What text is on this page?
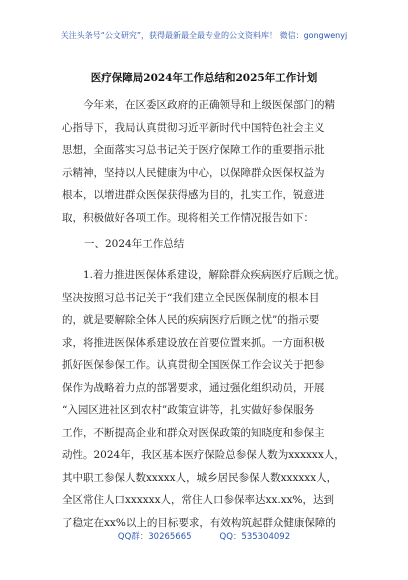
关注头条号“公文研究”，获得最新最全最专业的公文资料库！ 微信：gongwenyj
医疗保障局2024年工作总结和2025年工作计划
今年来，在区委区政府的正确领导和上级医保部门的精
心指导下，我局认真贯彻习近平新时代中国特色社会主义
思想，全面落实习总书记关于医疗保障工作的重要指示批
示精神，坚持以人民健康为中心，以保障群众医保权益为
根本，以增进群众医保获得感为目的，扎实工作，锐意进
取，积极做好各项工作。现将相关工作情况报告如下：
一、2024年工作总结
1.着力推进医保体系建设，解除群众疾病医疗后顾之忧。
坚决按照习总书记关于“我们建立全民医保制度的根本目
的，就是要解除全体人民的疾病医疗后顾之忧”的指示要
求，将推进医保体系建设放在首要位置来抓。一方面积极
抓好医保参保工作。认真贯彻全国医保工作会议关于把参
保作为战略着力点的部署要求，通过强化组织动员，开展
“入园区进社区到农村”政策宣讲等，扎实做好参保服务
工作，不断提高企业和群众对医保政策的知晓度和参保主
动性。2024年，我区基本医疗保险总参保人数为xxxxxx人，
其中职工参保人数xxxxx人，城乡居民参保人数xxxxxx人，
全区常住人口xxxxxx人，常住人口参保率达xx.xx%，达到
了稳定在xx%以上的目标要求，有效构筑起群众健康保障的
QQ群：30265665	QQ：535304092
